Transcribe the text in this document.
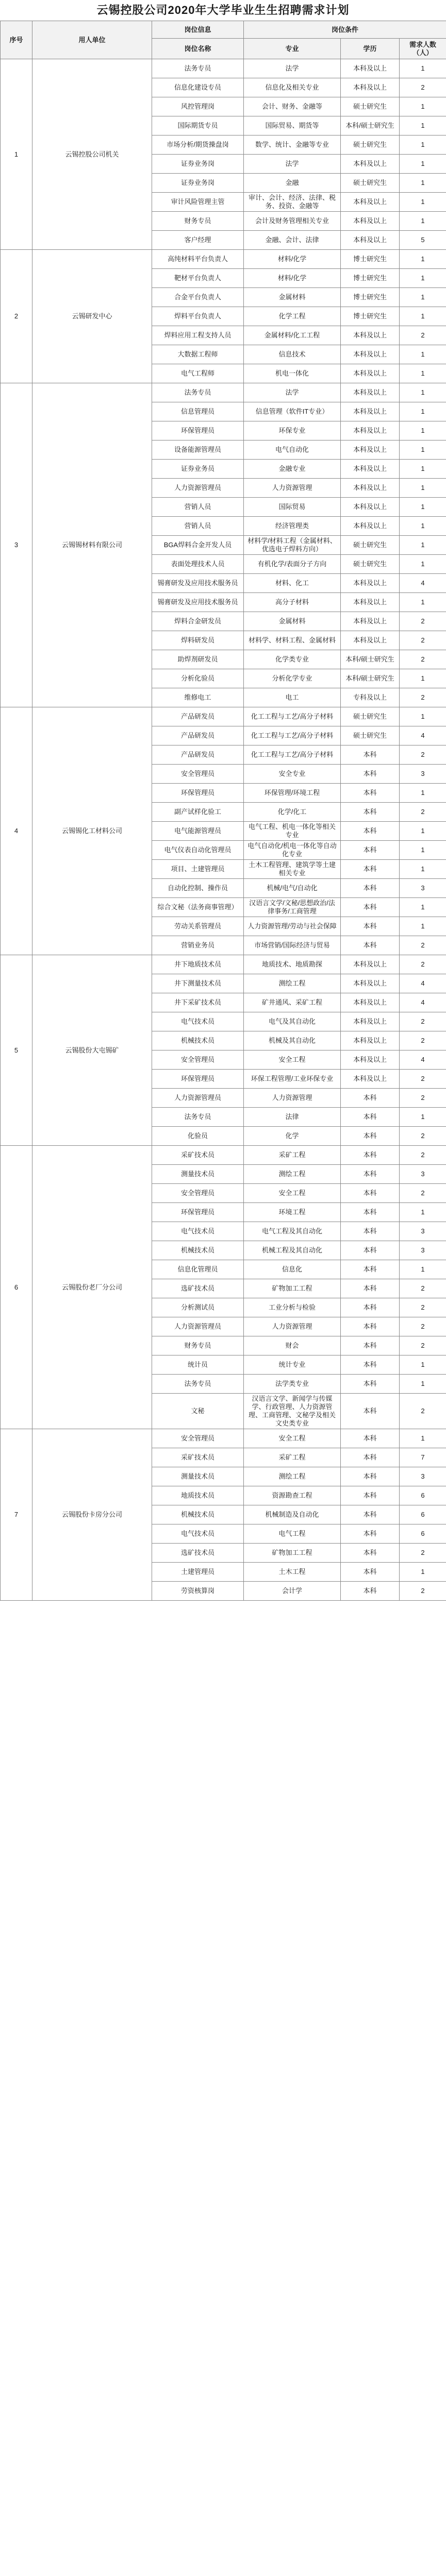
云锡控股公司2020年大学毕业生生招聘需求计划
序号	用人单位	岗位信息	岗位条件		
		岗位名称	专业	学历	需求人数（人）
1	云锡控股公司机关	法务专员	法学	本科及以上	1
		信息化建设专员	信息化及相关专业	本科及以上	2
		风控管理岗	会计、财务、金融等	硕士研究生	1
		国际期货专员	国际贸易、期货等	本科/硕士研究生	1
		市场分析/期货操盘岗	数学、统计、金融等专业	硕士研究生	1
		证券业务岗	法学	本科及以上	1
		证券业务岗	金融	硕士研究生	1
		审计风险管理主管	审计、会计、经济、法律、税务、投资、金融等	本科及以上	1
		财务专员	会计及财务管理相关专业	本科及以上	1
		客户经理	金融、会计、法律	本科及以上	5
2	云锡研发中心	高纯材料平台负责人	材料/化学	博士研究生	1
		靶材平台负责人	材料/化学	博士研究生	1
		合金平台负责人	金属材料	博士研究生	1
		焊料平台负责人	化学工程	博士研究生	1
		焊料应用工程支持人员	金属材料/化工工程	本科及以上	2
		大数据工程师	信息技术	本科及以上	1
		电气工程师	机电一体化	本科及以上	1
3	云锡锡材料有限公司	法务专员	法学	本科及以上	1
		信息管理员	信息管理（软件IT专业）	本科及以上	1
		环保管理员	环保专业	本科及以上	1
		设备能源管理员	电气自动化	本科及以上	1
		证券业务员	金融专业	本科及以上	1
		人力资源管理员	人力资源管理	本科及以上	1
		营销人员	国际贸易	本科及以上	1
		营销人员	经济管理类	本科及以上	1
		BGA焊料合金开发人员	材料学/材料工程（金属材料、优选电子焊料方向）	硕士研究生	1
		表面处理技术人员	有机化学/表面分子方向	硕士研究生	1
		锡膏研发及应用技术服务员	材料、化工	本科及以上	4
		锡膏研发及应用技术服务员	高分子材料	本科及以上	1
		焊料合金研发员	金属材料	本科及以上	2
		焊料研发员	材料学、材料工程、金属材料	本科及以上	2
		助焊剂研发员	化学类专业	本科/硕士研究生	2
		分析化验员	分析化学专业	本科/硕士研究生	1
		维修电工	电工	专科及以上	2
4	云锡锡化工材料公司	产品研发员	化工工程与工艺/高分子材料	硕士研究生	1
		产品研发员	化工工程与工艺/高分子材料	硕士研究生	4
		产品研发员	化工工程与工艺/高分子材料	本科	2
		安全管理员	安全专业	本科	3
		环保管理员	环保管理/环境工程	本科	1
		副产试样化验工	化学/化工	本科	2
		电气能源管理员	电气工程、机电一体化等相关专业	本科	1
		电气仪表自动化管理员	电气自动化/机电一体化等自动化专业	本科	1
		项目、土建管理员	土木工程管理、建筑学等土建相关专业	本科	1
		自动化控制、操作员	机械/电气/自动化	本科	3
		综合文秘（法务商事管理）	汉语言文学/文秘/思想政治/法律事务/工商管理	本科	1
		劳动关系管理员	人力资源管理/劳动与社会保障	本科	1
		营销业务员	市场营销/国际经济与贸易	本科	2
5	云锡股份大屯锡矿	井下地质技术员	地质技术、地质勘探	本科及以上	2
		井下测量技术员	测绘工程	本科及以上	4
		井下采矿技术员	矿井通风、采矿工程	本科及以上	4
		电气技术员	电气及其自动化	本科及以上	2
		机械技术员	机械及其自动化	本科及以上	2
		安全管理员	安全工程	本科及以上	4
		环保管理员	环保工程管理/工业环保专业	本科及以上	2
		人力资源管理员	人力资源管理	本科	2
		法务专员	法律	本科	1
		化验员	化学	本科	2
6	云锡股份老厂分公司	采矿技术员	采矿工程	本科	2
		测量技术员	测绘工程	本科	3
		安全管理员	安全工程	本科	2
		环保管理员	环境工程	本科	1
		电气技术员	电气工程及其自动化	本科	3
		机械技术员	机械工程及其自动化	本科	3
		信息化管理员	信息化	本科	1
		选矿技术员	矿物加工工程	本科	2
		分析测试员	工业分析与检验	本科	2
		人力资源管理员	人力资源管理	本科	2
		财务专员	财会	本科	2
		统计员	统计专业	本科	1
		法务专员	法学类专业	本科	1
		文秘	汉语言文学、新闻学与传媒学、行政管理、人力资源管理、工商管理、文秘学及相关文史类专业	本科	2
7	云锡股份卡房分公司	安全管理员	安全工程	本科	1
		采矿技术员	采矿工程	本科	7
		测量技术员	测绘工程	本科	3
		地质技术员	资源勘查工程	本科	6
		机械技术员	机械制造及自动化	本科	6
		电气技术员	电气工程	本科	6
		选矿技术员	矿物加工工程	本科	2
		土建管理员	土木工程	本科	1
		劳资核算岗	会计学	本科	2
